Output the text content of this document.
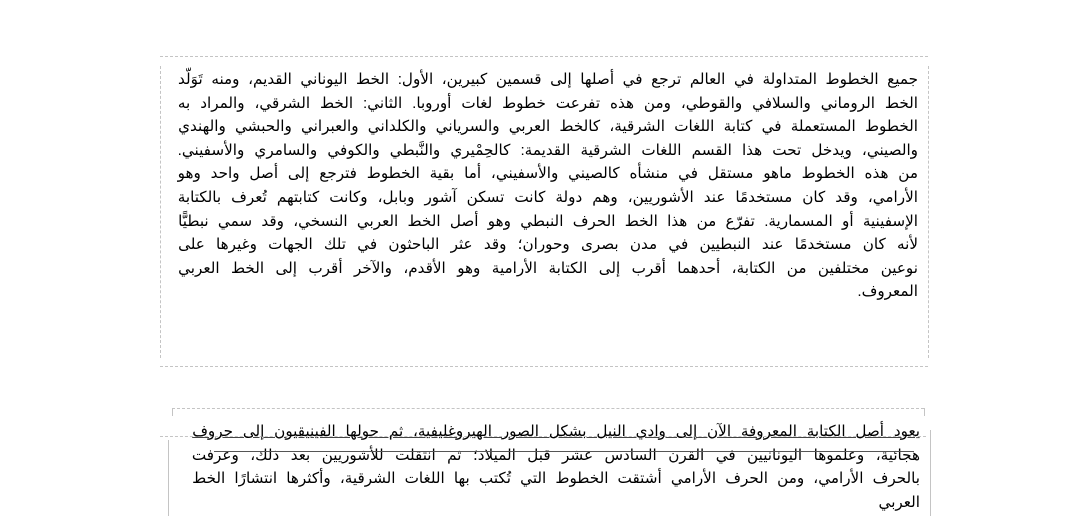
جميع الخطوط المتداولة في العالم ترجع في أصلها إلى قسمين كبيرين، الأول: الخط اليوناني القديم، ومنه تَوَلّد
الخط الروماني والسلافي والقوطي، ومن هذه تفرعت خطوط لغات أوروبا. الثاني: الخط الشرقي، والمراد به
الخطوط المستعملة في كتابة اللغات الشرقية، كالخط العربي والسرياني والكلداني والعبراني والحبشي والهندي
والصيني، ويدخل تحت هذا القسم اللغات الشرقية القديمة: كالحِمْيري والنَّبطي والكوفي والسامري والأسفيني.
من هذه الخطوط ماهو مستقل في منشأه كالصيني والأسفيني، أما بقية الخطوط فترجع إلى أصل واحد وهو
الأرامي، وقد كان مستخدمًا عند الأشوريين، وهم دولة كانت تسكن آشور وبابل، وكانت كتابتهم تُعرف بالكتابة
الإسفينية أو المسمارية. تفرّع من هذا الخط الحرف النبطي وهو أصل الخط العربي النسخي، وقد سمي نبطيًّا
لأنه كان مستخدمًا عند النبطيين في مدن بصرى وحوران؛ وقد عثر الباحثون في تلك الجهات وغيرها على
نوعين مختلفين من الكتابة، أحدهما أقرب إلى الكتابة الأرامية وهو الأقدم، والآخر أقرب إلى الخط العربي
المعروف.
يعود أصل الكتابة المعروفة الآن إلى وادي النيل بشكل الصور الهيروغليفية، ثم حولها الفينيقيون إلى حروف
هجائية، وعلموها اليونانيين في القرن السادس عشر قبل الميلاد؛ ثم انتقلت للأشوريين بعد ذلك، وعرفت
بالحرف الأرامي، ومن الحرف الأرامي أشتقت الخطوط التي تُكتب بها اللغات الشرقية، وأكثرها انتشارًا الخط
العربي
